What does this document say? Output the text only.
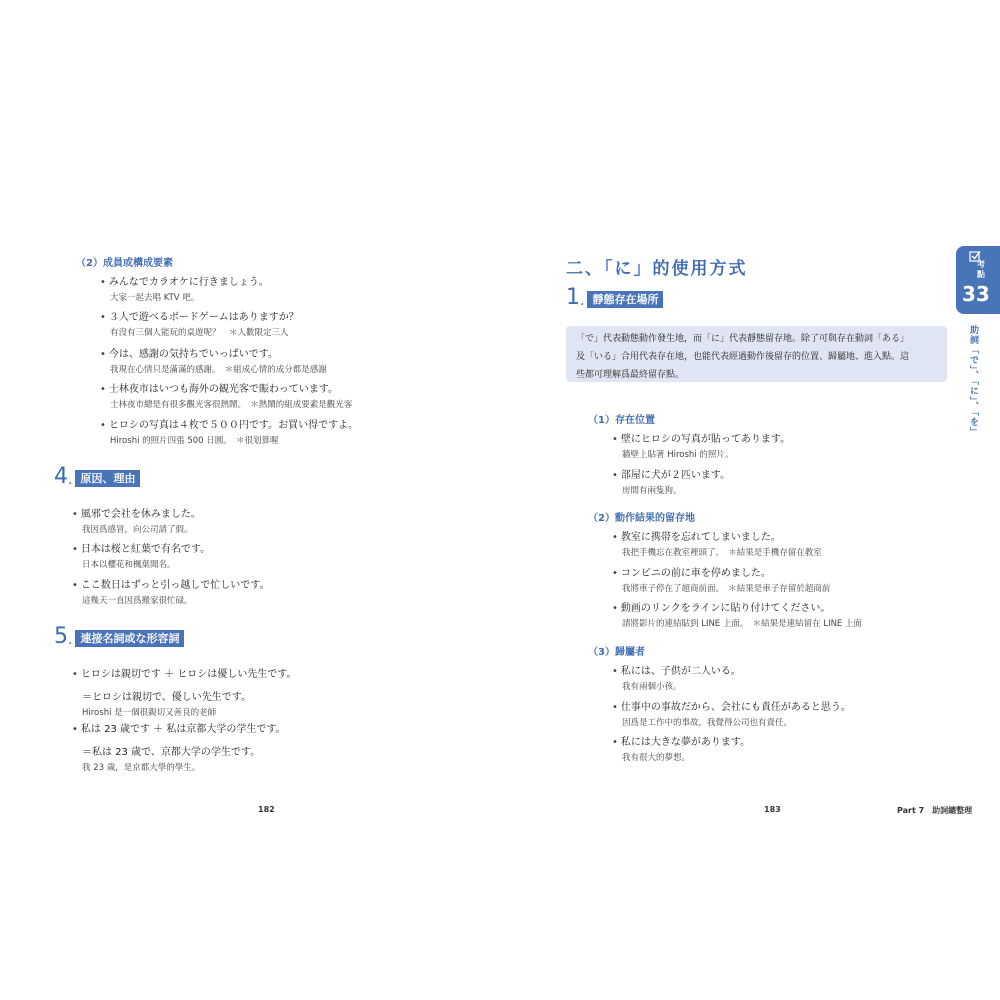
（2）成員或構成要素
• みんなでカラオケに行きましょう。
大家一起去唱 KTV 吧。
• ３人で遊べるボードゲームはありますか？
有沒有三個人能玩的桌遊呢？　＊人數限定三人
• 今は、感謝の気持ちでいっぱいです。
我現在心情只是滿滿的感謝。　＊組成心情的成分都是感謝
• 士林夜市はいつも海外の観光客で賑わっています。
士林夜市總是有很多觀光客很熱鬧。　＊熱鬧的組成要素是觀光客
• ヒロシの写真は４枚で５００円です。お買い得ですよ。
Hiroshi 的照片四張 500 日圓。　＊很划算喔
4 . 原因、理由
• 風邪で会社を休みました。
我因爲感冒，向公司請了假。
• 日本は桜と紅葉で有名です。
日本以櫻花和楓葉聞名。
• ここ数日はずっと引っ越しで忙しいです。
這幾天一直因爲搬家很忙碌。
5 . 連接名詞或な形容詞
• ヒロシは親切です ＋ ヒロシは優しい先生です。
＝ヒロシは親切で、優しい先生です。
Hiroshi 是一個很親切又善良的老師
• 私は 23 歳です ＋ 私は京都大学の学生です。
＝私は 23 歳で、京都大学の学生です。
我 23 歲，是京都大學的學生。
182
二、「に」的使用方式
1 . 靜態存在場所
「で」代表動態動作發生地，而「に」代表靜態留存地。除了可與存在動詞「ある」
及「いる」合用代表存在地，也能代表經過動作後留存的位置、歸屬地、進入點。這
些都可理解爲最終留存點。
（1）存在位置
• 壁にヒロシの写真が貼ってあります。
牆壁上貼著 Hiroshi 的照片。
• 部屋に犬が２匹います。
房間有兩隻狗。
（2）動作結果的留存地
• 教室に携帯を忘れてしまいました。
我把手機忘在教室裡頭了。　＊結果是手機存留在教室
• コンビニの前に車を停めました。
我將車子停在了超商前面。　＊結果是車子存留於超商前
• 動画のリンクをラインに貼り付けてください。
請將影片的連結貼到 LINE 上面。　＊結果是連結留在 LINE 上面
（3）歸屬者
• 私には、子供が二人いる。
我有兩個小孩。
• 仕事中の事故だから、会社にも責任があると思う。
因爲是工作中的事故，我覺得公司也有責任。
• 私には大きな夢があります。
我有很大的夢想。
183	Part 7　助詞總整理
考點
33
助詞「で」、「に」、「を」
